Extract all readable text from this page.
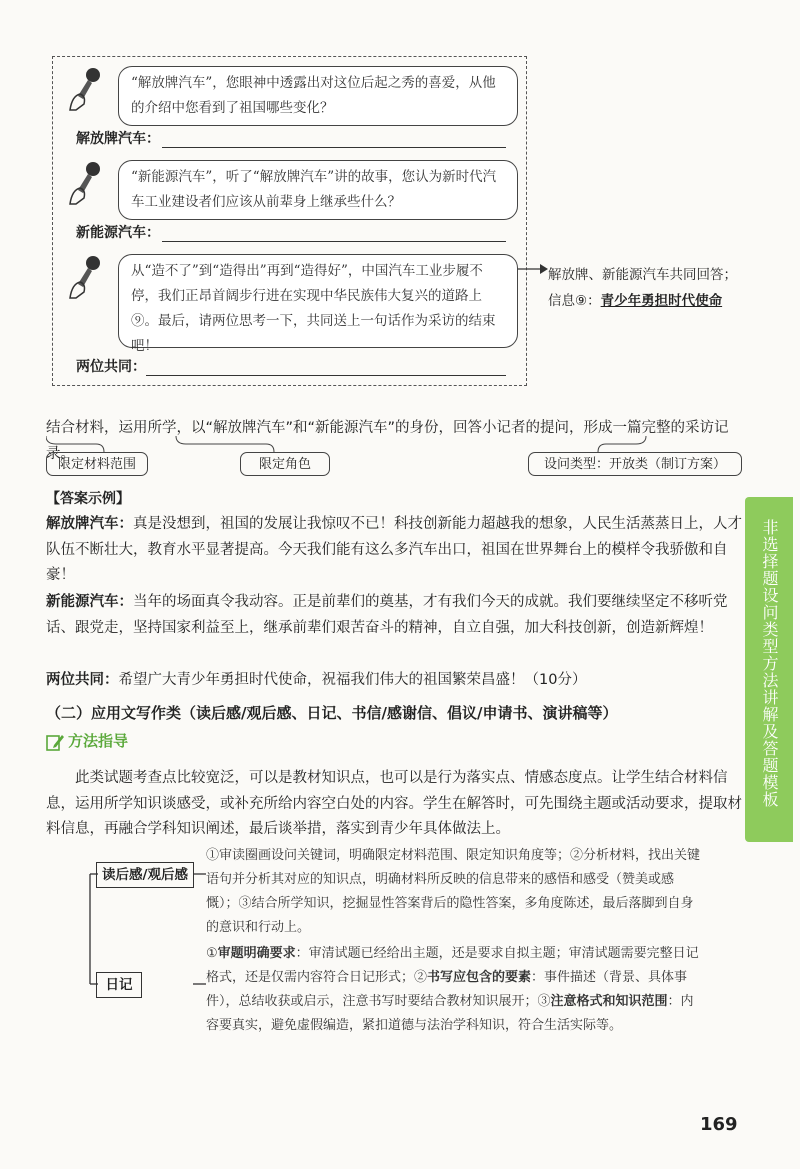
“解放牌汽车”，您眼神中透露出对这位后起之秀的喜爱，从他的介绍中您看到了祖国哪些变化？
解放牌汽车：
“新能源汽车”，听了“解放牌汽车”讲的故事，您认为新时代汽车工业建设者们应该从前辈身上继承些什么？
新能源汽车：
从“造不了”到“造得出”再到“造得好”，中国汽车工业步履不停，我们正昂首阔步行进在实现中华民族伟大复兴的道路上⑨。最后，请两位思考一下，共同送上一句话作为采访的结束吧！
两位共同：
解放牌、新能源汽车共同回答；
信息⑨：青少年勇担时代使命
结合材料，运用所学，以“解放牌汽车”和“新能源汽车”的身份，回答小记者的提问，形成一篇完整的采访记录。
限定材料范围	限定角色	设问类型：开放类（制订方案）
【答案示例】
解放牌汽车：真是没想到，祖国的发展让我惊叹不已！科技创新能力超越我的想象，人民生活蒸蒸日上，人才队伍不断壮大，教育水平显著提高。今天我们能有这么多汽车出口，祖国在世界舞台上的模样令我骄傲和自豪！
新能源汽车：当年的场面真令我动容。正是前辈们的奠基，才有我们今天的成就。我们要继续坚定不移听党话、跟党走，坚持国家利益至上，继承前辈们艰苦奋斗的精神，自立自强，加大科技创新，创造新辉煌！
两位共同：希望广大青少年勇担时代使命，祝福我们伟大的祖国繁荣昌盛！（10分）
（二）应用文写作类（读后感/观后感、日记、书信/感谢信、倡议/申请书、演讲稿等）
方法指导
此类试题考查点比较宽泛，可以是教材知识点，也可以是行为落实点、情感态度点。让学生结合材料信息，运用所学知识谈感受，或补充所给内容空白处的内容。学生在解答时，可先围绕主题或活动要求，提取材料信息，再融合学科知识阐述，最后谈举措，落实到青少年具体做法上。
读后感/观后感
日记
①审读圈画设问关键词，明确限定材料范围、限定知识角度等；②分析材料，找出关键语句并分析其对应的知识点，明确材料所反映的信息带来的感悟和感受（赞美或感慨）；③结合所学知识，挖掘显性答案背后的隐性答案，多角度陈述，最后落脚到自身的意识和行动上。
①审题明确要求：审清试题已经给出主题，还是要求自拟主题；审清试题需要完整日记格式，还是仅需内容符合日记形式；②书写应包含的要素：事件描述（背景、具体事件），总结收获或启示，注意书写时要结合教材知识展开；③注意格式和知识范围：内容要真实，避免虚假编造，紧扣道德与法治学科知识，符合生活实际等。
非选择题设问类型方法讲解及答题模板
169
